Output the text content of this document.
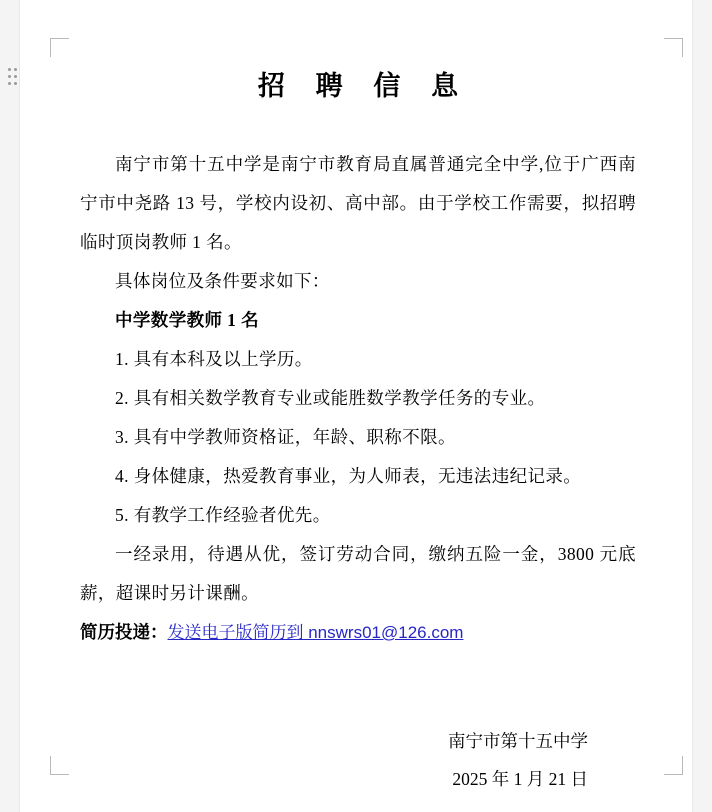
招 聘 信 息

南宁市第十五中学是南宁市教育局直属普通完全中学,位于广西南宁市中尧路 13 号，学校内设初、高中部。由于学校工作需要，拟招聘临时顶岗教师 1 名。

具体岗位及条件要求如下：

中学数学教师 1 名

1. 具有本科及以上学历。

2. 具有相关数学教育专业或能胜数学教学任务的专业。

3. 具有中学教师资格证，年龄、职称不限。

4. 身体健康，热爱教育事业，为人师表，无违法违纪记录。

5. 有教学工作经验者优先。

一经录用，待遇从优，签订劳动合同，缴纳五险一金，3800 元底薪，超课时另计课酬。

简历投递：发送电子版简历到 nnswrs01@126.com

南宁市第十五中学
2025 年 1 月 21 日
